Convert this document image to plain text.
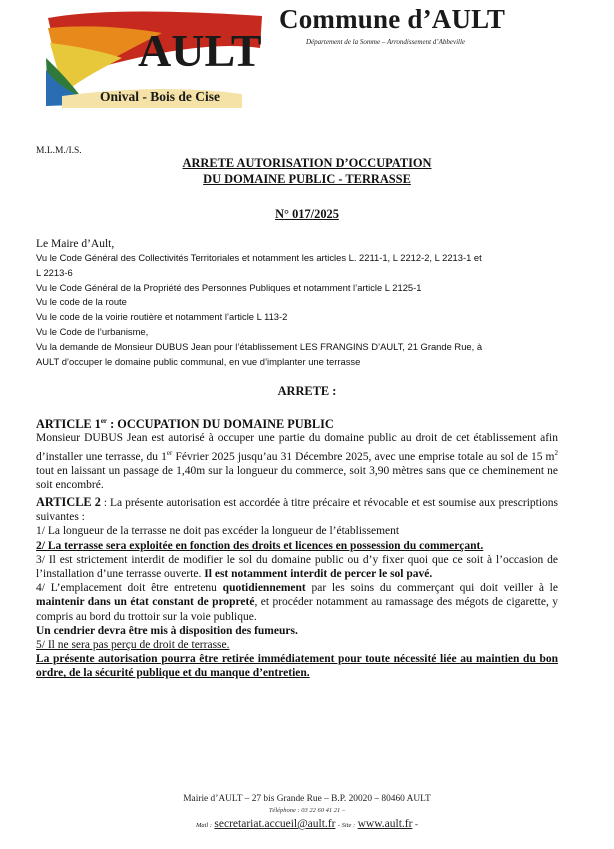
AULT
Onival - Bois de Cise
Commune d’AULT
Département de la Somme – Arrondissement d’Abbeville
M.L.M./I.S.
ARRETE AUTORISATION D’OCCUPATION
DU DOMAINE PUBLIC - TERRASSE
N° 017/2025
Le Maire d’Ault,
Vu le Code Général des Collectivités Territoriales et notamment les articles L. 2211-1, L 2212-2, L 2213-1 et
L 2213-6
Vu le Code Général de la Propriété des Personnes Publiques et notamment l’article L 2125-1
Vu le code de la route
Vu le code de la voirie routière et notamment l’article L 113-2
Vu le Code de l’urbanisme,
Vu la demande de Monsieur DUBUS Jean pour l’établissement LES FRANGINS D’AULT, 21 Grande Rue, à
AULT d’occuper le domaine public communal, en vue d’implanter une terrasse
ARRETE :

ARTICLE 1er : OCCUPATION DU DOMAINE PUBLIC

Monsieur DUBUS Jean est autorisé à occuper une partie du domaine public au droit de cet établissement afin d’installer une terrasse, du 1er Février 2025 jusqu’au 31 Décembre 2025, avec une emprise totale au sol de 15 $m^2$ tout en laissant un passage de 1,40m sur la longueur du commerce, soit 3,90 mètres sans que ce cheminement ne soit encombré.

ARTICLE 2 : La présente autorisation est accordée à titre précaire et révocable et est soumise aux prescriptions suivantes :

1/ La longueur de la terrasse ne doit pas excéder la longueur de l’établissement

2/ La terrasse sera exploitée en fonction des droits et licences en possession du commerçant.

3/ Il est strictement interdit de modifier le sol du domaine public ou d’y fixer quoi que ce soit à l’occasion de l’installation d’une terrasse ouverte. Il est notamment interdit de percer le sol pavé.

4/ L’emplacement doit être entretenu quotidiennement par les soins du commerçant qui doit veiller à le maintenir dans un état constant de propreté, et procéder notamment au ramassage des mégots de cigarette, y compris au bord du trottoir sur la voie publique.

Un cendrier devra être mis à disposition des fumeurs.

5/ Il ne sera pas perçu de droit de terrasse.

La présente autorisation pourra être retirée immédiatement pour toute nécessité liée au maintien du bon ordre, de la sécurité publique et du manque d’entretien.

Mairie d’AULT – 27 bis Grande Rue – B.P. 20020 – 80460 AULT
Téléphone : 03 22 60 41 21 –
Mail : secretariat.accueil@ault.fr - Site : www.ault.fr -
